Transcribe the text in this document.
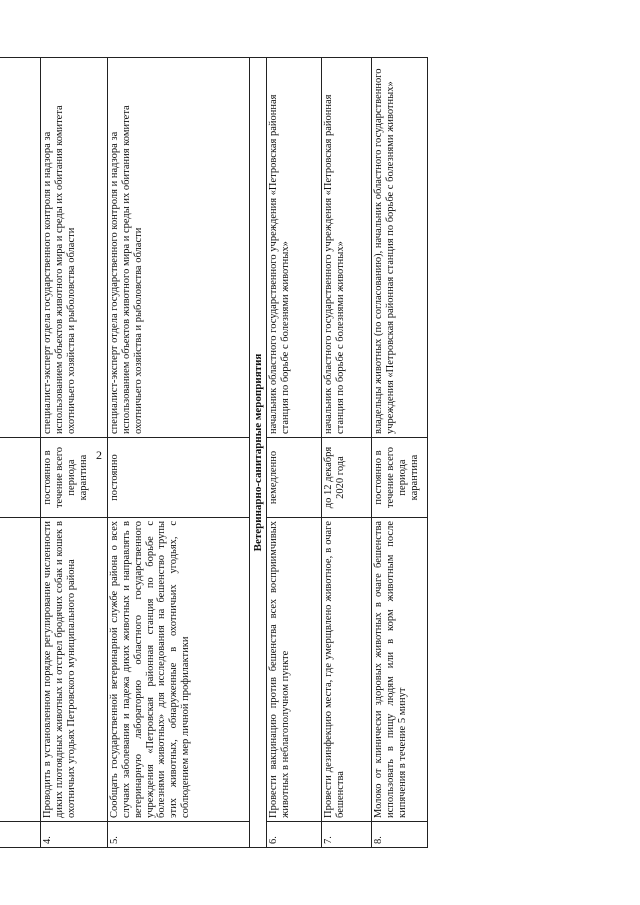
2

4.	Проводить в установленном порядке регулирование численности диких плотоядных животных и отстрел бродячих собак и кошек в охотничьих угодьях Петровского муниципального района	постоянно в течение всего периода карантина	специалист-эксперт отдела государственного контроля и надзора за использованием объектов животного мира и среды их обитания комитета охотничьего хозяйства и рыболовства области
5.	Сообщать государственной ветеринарной службе района о всех случаях заболевания и падежа диких животных и направлять в ветеринарную лабораторию областного государственного учреждения «Петровская районная станция по борьбе с болезнями животных» для исследования на бешенство трупы этих животных, обнаруженные в охотничьих угодьях, с соблюдением мер личной профилактики	постоянно	специалист-эксперт отдела государственного контроля и надзора за использованием объектов животного мира и среды их обитания комитета охотничьего хозяйства и рыболовства области
Ветеринарно-санитарные мероприятия			
6.	Провести вакцинацию против бешенства всех восприимчивых животных в неблагополучном пункте	немедленно	начальник областного государственного учреждения «Петровская районная станция по борьбе с болезнями животных»
7.	Провести дезинфекцию места, где умерщвлено животное, в очаге бешенства	до 12 декабря 2020 года	начальник областного государственного учреждения «Петровская районная станция по борьбе с болезнями животных»
8.	Молоко от клинически здоровых животных в очаге бешенства использовать в пищу людям или в корм животным после кипячения в течение 5 минут	постоянно в течение всего периода карантина	владельцы животных (по согласованию), начальник областного государственного учреждения «Петровская районная станция по борьбе с болезнями животных»
